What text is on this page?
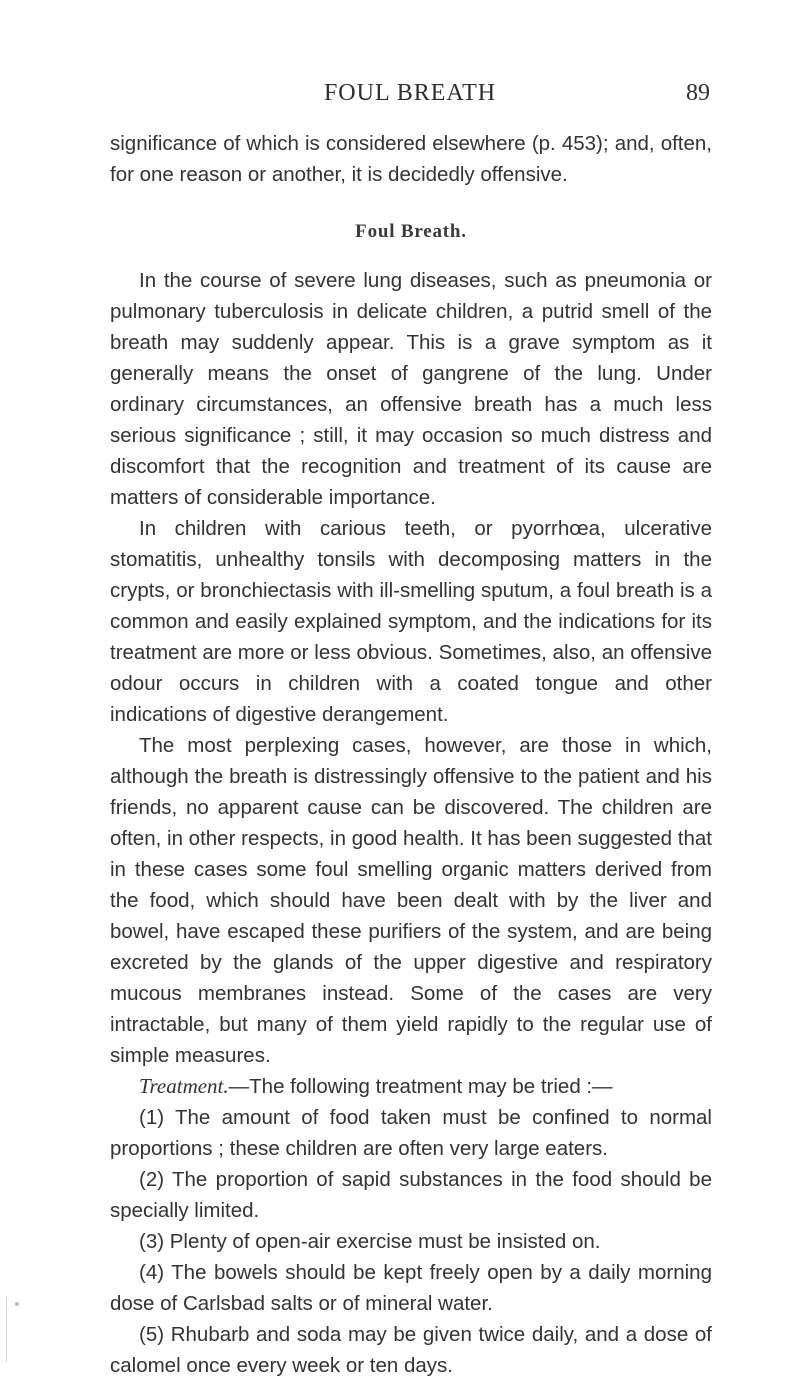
FOUL BREATH	89

significance of which is considered elsewhere (p. 453); and, often, for one reason or another, it is decidedly offensive.

Foul Breath.

In the course of severe lung diseases, such as pneumonia or pulmonary tuberculosis in delicate children, a putrid smell of the breath may suddenly appear. This is a grave symptom as it generally means the onset of gangrene of the lung. Under ordinary circumstances, an offensive breath has a much less serious significance ; still, it may occasion so much distress and discomfort that the recognition and treatment of its cause are matters of considerable importance.

In children with carious teeth, or pyorrhœa, ulcerative stomatitis, unhealthy tonsils with decomposing matters in the crypts, or bronchiectasis with ill-smelling sputum, a foul breath is a common and easily explained symptom, and the indications for its treatment are more or less obvious. Sometimes, also, an offensive odour occurs in children with a coated tongue and other indications of digestive derangement.

The most perplexing cases, however, are those in which, although the breath is distressingly offensive to the patient and his friends, no apparent cause can be discovered. The children are often, in other respects, in good health. It has been suggested that in these cases some foul smelling organic matters derived from the food, which should have been dealt with by the liver and bowel, have escaped these purifiers of the system, and are being excreted by the glands of the upper digestive and respiratory mucous membranes instead. Some of the cases are very intractable, but many of them yield rapidly to the regular use of simple measures.

Treatment.—The following treatment may be tried :—

(1) The amount of food taken must be confined to normal proportions ; these children are often very large eaters.

(2) The proportion of sapid substances in the food should be specially limited.

(3) Plenty of open-air exercise must be insisted on.

(4) The bowels should be kept freely open by a daily morning dose of Carlsbad salts or of mineral water.

(5) Rhubarb and soda may be given twice daily, and a dose of calomel once every week or ten days.
